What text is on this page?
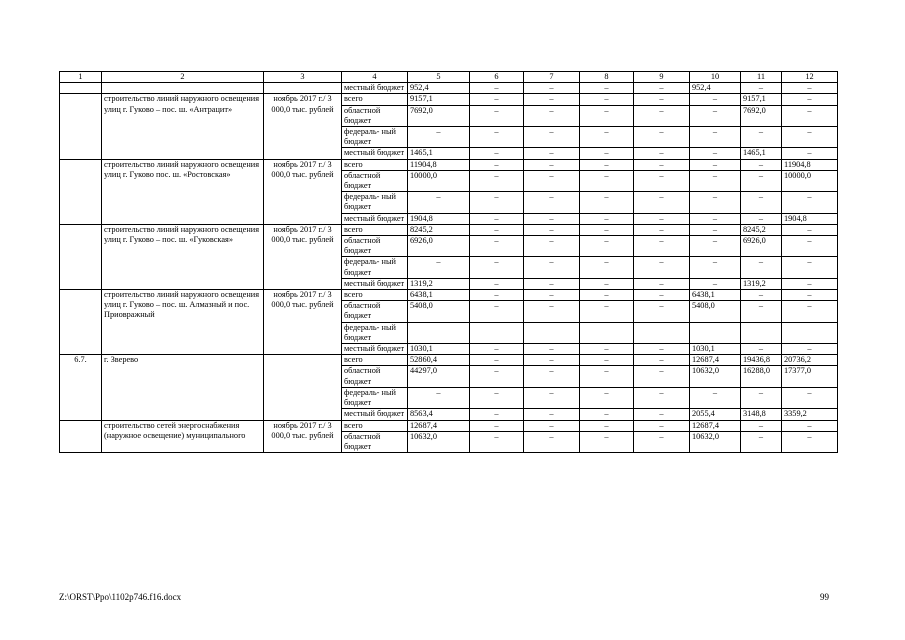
1	2	3	4	5	6	7	8	9	10	11	12
			местный бюджет	952,4	–	–	–	–	952,4	–	–
	строительство линий наружного освещения улиц г. Гуково – пос. ш. «Антрацит»	ноябрь 2017 г./ 3 000,0 тыс. рублей	всего	9157,1	–	–	–	–	–	9157,1	–
			областной бюджет	7692,0	–	–	–	–	–	7692,0	–
			федераль- ный бюджет	–	–	–	–	–	–	–	–
			местный бюджет	1465,1	–	–	–	–	–	1465,1	–
	строительство линий наружного освещения улиц г. Гуково пос. ш. «Ростовская»	ноябрь 2017 г./ 3 000,0 тыс. рублей	всего	11904,8	–	–	–	–	–	–	11904,8
			областной бюджет	10000,0	–	–	–	–	–	–	10000,0
			федераль- ный бюджет	–	–	–	–	–	–	–	–
			местный бюджет	1904,8	–	–	–	–	–	–	1904,8
	строительство линий наружного освещения улиц г. Гуково – пос. ш. «Гуковская»	ноябрь 2017 г./ 3 000,0 тыс. рублей	всего	8245,2	–	–	–	–	–	8245,2	–
			областной бюджет	6926,0	–	–	–	–	–	6926,0	–
			федераль- ный бюджет	–	–	–	–	–	–	–	–
			местный бюджет	1319,2	–	–	–	–	–	1319,2	–
	строительство линий наружного освещения улиц г. Гуково – пос. ш. Алмазный и пос. Приовражный	ноябрь 2017 г./ 3 000,0 тыс. рублей	всего	6438,1	–	–	–	–	6438,1	–	–
			областной бюджет	5408,0	–	–	–	–	5408,0	–	–
			федераль- ный бюджет								
			местный бюджет	1030,1	–	–	–	–	1030,1	–	–
6.7.	г. Зверево		всего	52860,4	–	–	–	–	12687,4	19436,8	20736,2
			областной бюджет	44297,0	–	–	–	–	10632,0	16288,0	17377,0
			федераль- ный бюджет	–	–	–	–	–	–	–	–
			местный бюджет	8563,4	–	–	–	–	2055,4	3148,8	3359,2
	строительство сетей энергоснабжения (наружное освещение) муниципального	ноябрь 2017 г./ 3 000,0 тыс. рублей	всего	12687,4	–	–	–	–	12687,4	–	–
			областной бюджет	10632,0	–	–	–	–	10632,0	–	–
Z:\ORST\Ppo\1102p746.f16.docx	99
